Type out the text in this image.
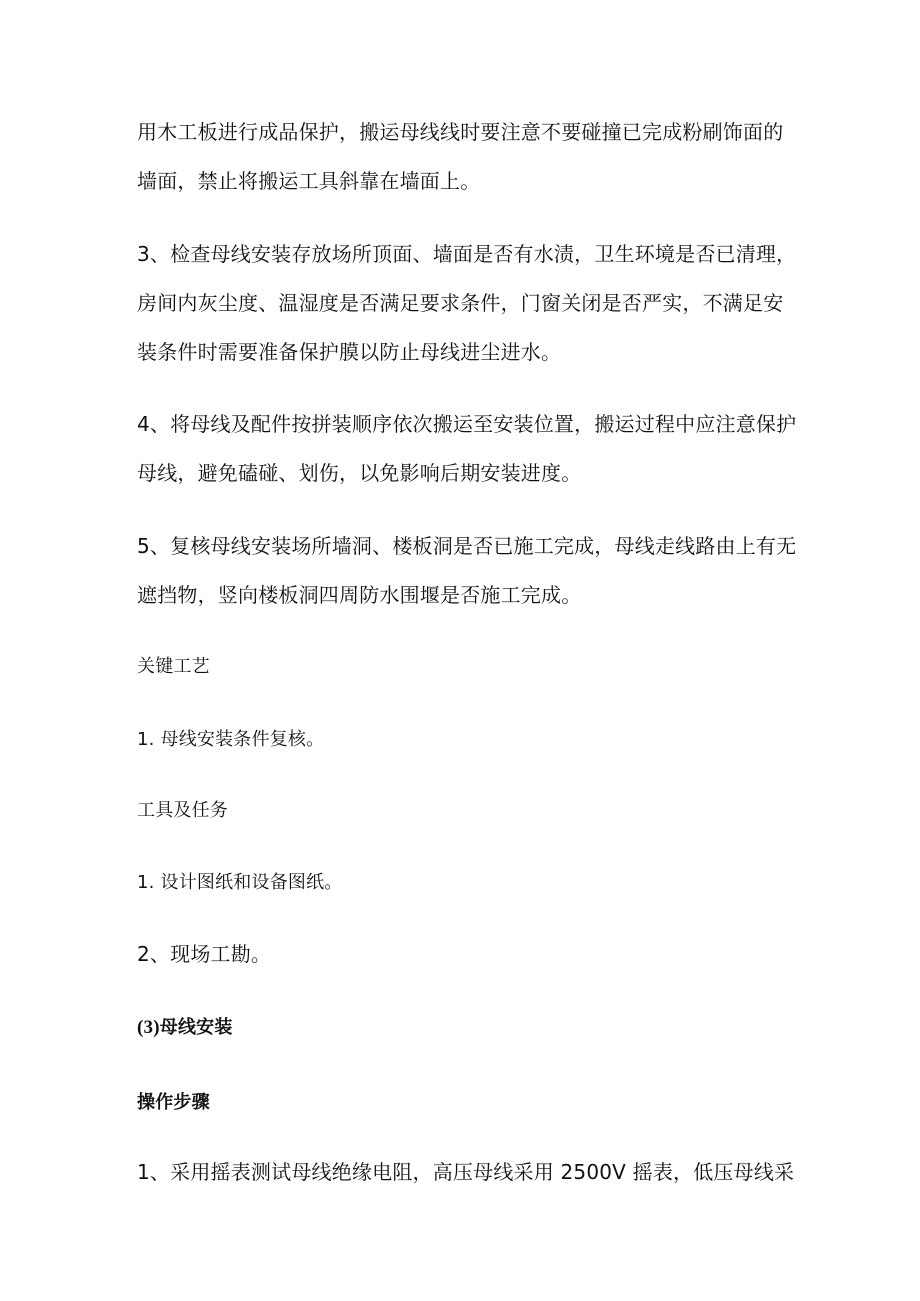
用木工板进行成品保护，搬运母线线时要注意不要碰撞已完成粉刷饰面的
墙面，禁止将搬运工具斜靠在墙面上。
3、检查母线安装存放场所顶面、墙面是否有水渍，卫生环境是否已清理，
房间内灰尘度、温湿度是否满足要求条件，门窗关闭是否严实，不满足安
装条件时需要准备保护膜以防止母线进尘进水。
4、将母线及配件按拼装顺序依次搬运至安装位置，搬运过程中应注意保护
母线，避免磕碰、划伤，以免影响后期安装进度。
5、复核母线安装场所墙洞、楼板洞是否已施工完成，母线走线路由上有无
遮挡物，竖向楼板洞四周防水围堰是否施工完成。
关键工艺
1. 母线安装条件复核。
工具及任务
1. 设计图纸和设备图纸。
2、现场工勘。
(3)母线安装
操作步骤
1、采用摇表测试母线绝缘电阻，高压母线采用 2500V 摇表，低压母线采
